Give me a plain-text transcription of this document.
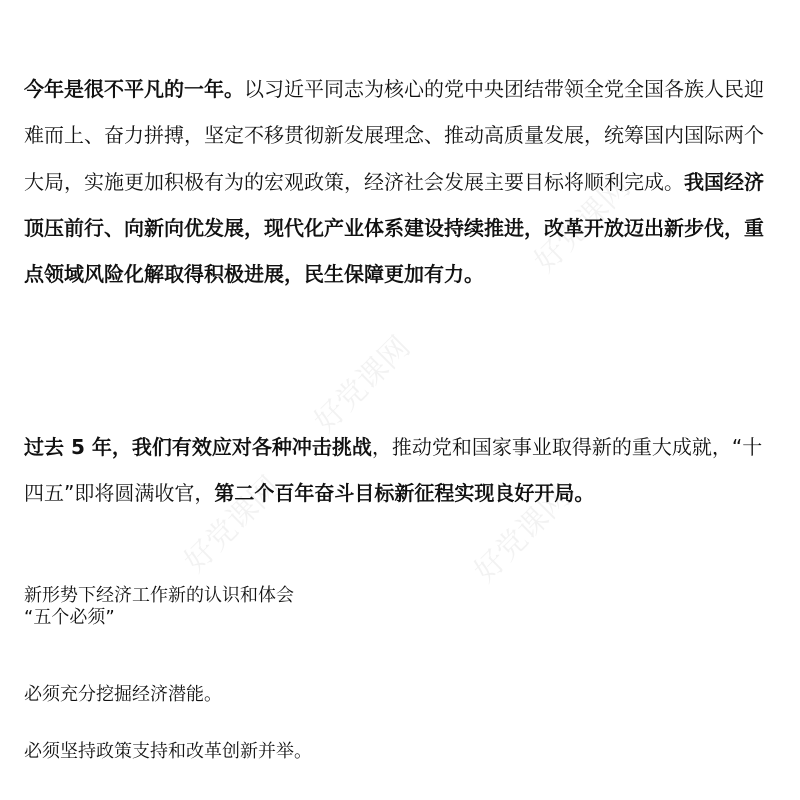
好党课网
好党课网
好党课网
好党课网

今年是很不平凡的一年。以习近平同志为核心的党中央团结带领全党全国各族人民迎难而上、奋力拼搏，坚定不移贯彻新发展理念、推动高质量发展，统筹国内国际两个大局，实施更加积极有为的宏观政策，经济社会发展主要目标将顺利完成。我国经济顶压前行、向新向优发展，现代化产业体系建设持续推进，改革开放迈出新步伐，重点领域风险化解取得积极进展，民生保障更加有力。

过去 5 年，我们有效应对各种冲击挑战，推动党和国家事业取得新的重大成就，“十四五”即将圆满收官，第二个百年奋斗目标新征程实现良好开局。

新形势下经济工作新的认识和体会

“五个必须”

必须充分挖掘经济潜能。

必须坚持政策支持和改革创新并举。
